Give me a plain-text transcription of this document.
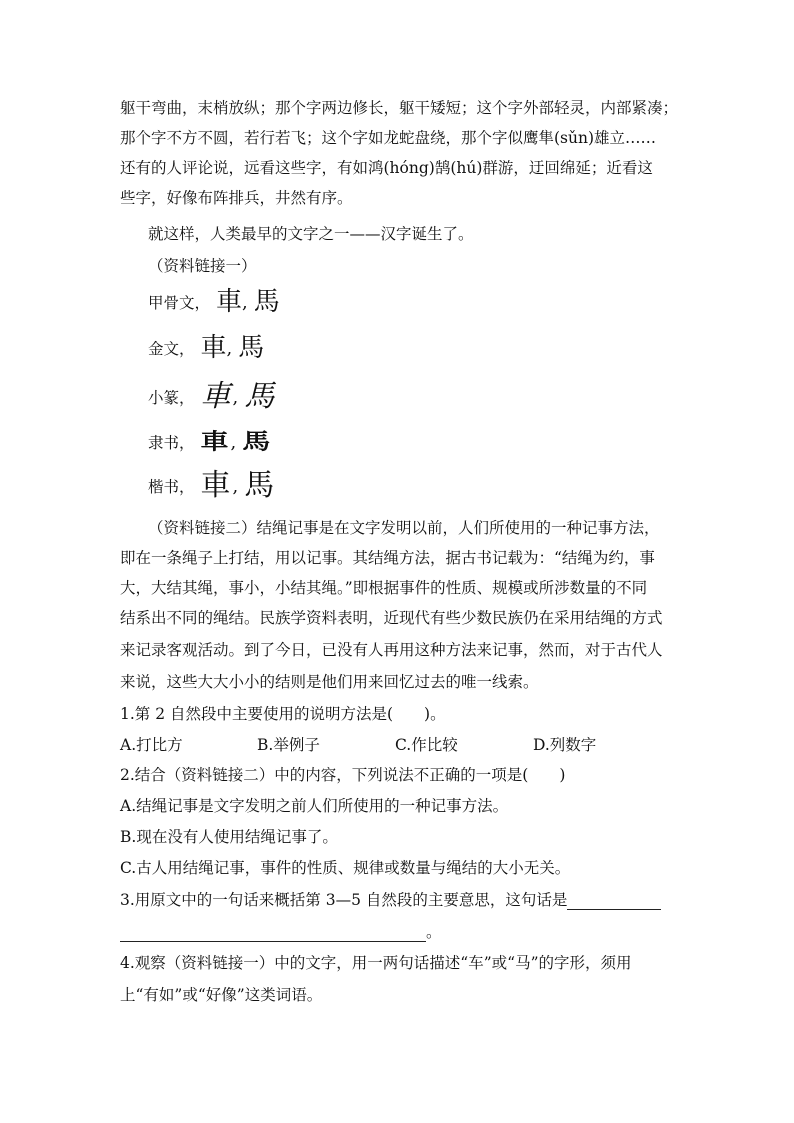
躯干弯曲，末梢放纵；那个字两边修长，躯干矮短；这个字外部轻灵，内部紧凑；
那个字不方不圆，若行若飞；这个字如龙蛇盘绕，那个字似鹰隼(sǔn)雄立……
还有的人评论说，远看这些字，有如鸿(hóng)鹄(hú)群游，迂回绵延；近看这
些字，好像布阵排兵，井然有序。
就这样，人类最早的文字之一——汉字诞生了。
（资料链接一）
甲骨文， 車 , 馬
金文， 車 , 馬
小篆， 車 , 馬
隶书， 車 , 馬
楷书， 車 , 馬
（资料链接二）结绳记事是在文字发明以前，人们所使用的一种记事方法，
即在一条绳子上打结，用以记事。其结绳方法，据古书记载为：“结绳为约，事
大，大结其绳，事小，小结其绳。”即根据事件的性质、规模或所涉数量的不同
结系出不同的绳结。民族学资料表明，近现代有些少数民族仍在采用结绳的方式
来记录客观活动。到了今日，已没有人再用这种方法来记事，然而，对于古代人
来说，这些大大小小的结则是他们用来回忆过去的唯一线索。
1.第 2 自然段中主要使用的说明方法是(　　)。
A.打比方	B.举例子	C.作比较	D.列数字
2.结合（资料链接二）中的内容，下列说法不正确的一项是(　　)
A.结绳记事是文字发明之前人们所使用的一种记事方法。
B.现在没有人使用结绳记事了。
C.古人用结绳记事，事件的性质、规律或数量与绳结的大小无关。
3.用原文中的一句话来概括第 3—5 自然段的主要意思，这句话是
。
4.观察（资料链接一）中的文字，用一两句话描述“车”或“马”的字形，须用
上“有如”或“好像”这类词语。
